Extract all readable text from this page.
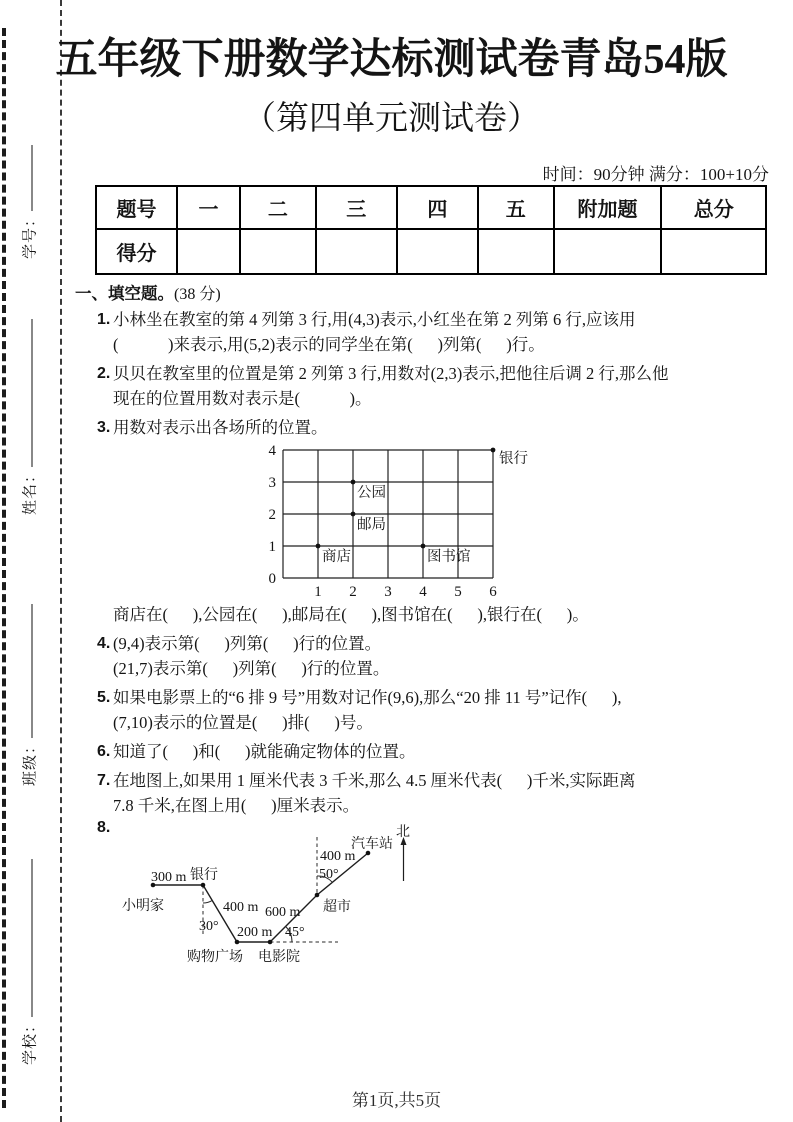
学号：
姓名：
班级：
学校：
五年级下册数学达标测试卷青岛54版
（第四单元测试卷）
时间：90分钟 满分：100+10分
题号	一	二	三	四	五	附加题	总分
得分							
一、填空题。(38 分)
1. 小林坐在教室的第 4 列第 3 行,用(4,3)表示,小红坐在第 2 列第 6 行,应该用
(            )来表示,用(5,2)表示的同学坐在第(      )列第(      )行。
2. 贝贝在教室里的位置是第 2 列第 3 行,用数对(2,3)表示,把他往后调 2 行,那么他
现在的位置用数对表示是(            )。
3. 用数对表示出各场所的位置。
0
1
2
3
4
1 2 3 4 5 6
商店
公园
邮局
图书馆
银行
商店在(      ),公园在(      ),邮局在(      ),图书馆在(      ),银行在(      )。
4. (9,4)表示第(      )列第(      )行的位置。
(21,7)表示第(      )列第(      )行的位置。
5. 如果电影票上的“6 排 9 号”用数对记作(9,6),那么“20 排 11 号”记作(      ),
(7,10)表示的位置是(      )排(      )号。
6. 知道了(      )和(      )就能确定物体的位置。
7. 在地图上,如果用 1 厘米代表 3 千米,那么 4.5 厘米代表(      )千米,实际距离
7.8 千米,在图上用(      )厘米表示。
8.
小明家
银行
购物广场 电影院
超市
汽车站
北
300 m
400 m
200 m
600 m
400 m
30°	45°
50°
第1页,共5页
